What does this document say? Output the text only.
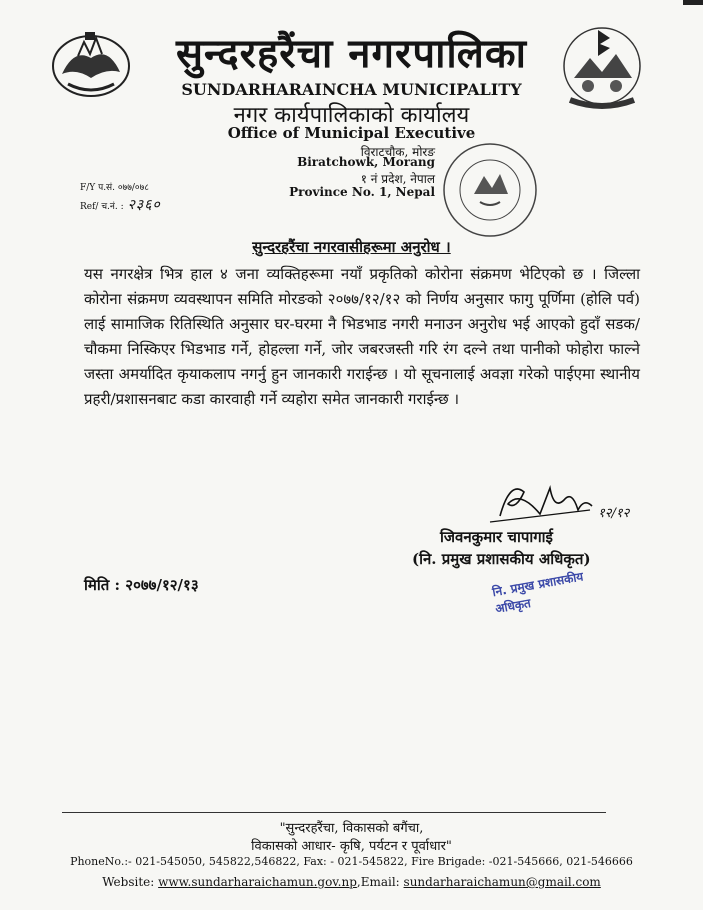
सुन्दरहरैंचा नगरपालिका
SUNDARHARAINCHA MUNICIPALITY
नगर कार्यपालिकाको कार्यालय
Office of Municipal Executive
विराटचौक, मोरङ
Biratchowk, Morang
१ नं प्रदेश, नेपाल
Province No. 1, Nepal
F/Y प.सं. ०७७/०७८
Ref/ च.नं. : २३६०
सुन्दरहरैंचा नगरवासीहरूमा अनुरोध ।
यस नगरक्षेत्र भित्र हाल ४ जना व्यक्तिहरूमा नयाँ प्रकृतिको कोरोना संक्रमण भेटिएको छ । जिल्ला कोरोना संक्रमण व्यवस्थापन समिति मोरङको २०७७/१२/१२ को निर्णय अनुसार फागु पूर्णिमा (होलि पर्व) लाई सामाजिक रितिस्थिति अनुसार घर-घरमा नै भिडभाड नगरी मनाउन अनुरोध भई आएको हुदाँ सडक/चौकमा निस्किएर भिडभाड गर्ने, होहल्ला गर्ने, जोर जबरजस्ती गरि रंग दल्ने तथा पानीको फोहोरा फाल्ने जस्ता अमर्यादित कृयाकलाप नगर्नु हुन जानकारी गराईन्छ । यो सूचनालाई अवज्ञा गरेको पाईएमा स्थानीय प्रहरी/प्रशासनबाट कडा कारवाही गर्ने व्यहोरा समेत जानकारी गराईन्छ ।
१२/१२
जिवनकुमार चापागाई
(नि. प्रमुख प्रशासकीय अधिकृत)
मिति : २०७७/१२/१३	नि. प्रमुख प्रशासकीय अधिकृत
"सुन्दरहरैंचा, विकासको बगैंचा,
विकासको आधार- कृषि, पर्यटन र पूर्वाधार"
PhoneNo.:- 021-545050, 545822,546822, Fax: - 021-545822, Fire Brigade: -021-545666, 021-546666
Website: www.sundarharaichamun.gov.np,Email: sundarharaichamun@gmail.com
